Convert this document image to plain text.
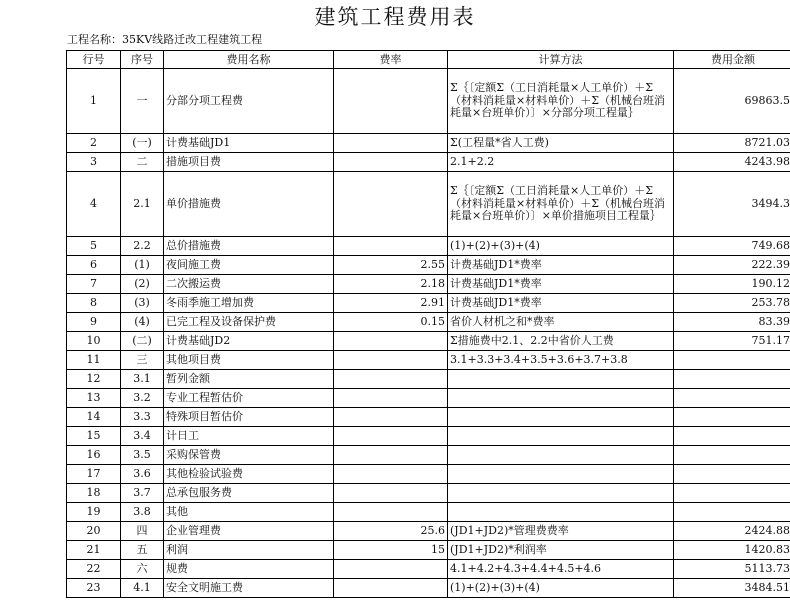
建筑工程费用表
工程名称：35KV线路迁改工程建筑工程
行号	序号	费用名称	费率	计算方法	费用金额
1	一	分部分项工程费		Σ｛〔定额Σ（工日消耗量×人工单价）＋Σ（材料消耗量×材料单价）＋Σ（机械台班消耗量×台班单价）〕×分部分项工程量｝	69863.5
2	(一)	计费基础JD1		Σ(工程量*省人工费)	8721.03
3	二	措施项目费		2.1+2.2	4243.98
4	2.1	单价措施费		Σ｛〔定额Σ（工日消耗量×人工单价）＋Σ（材料消耗量×材料单价）＋Σ（机械台班消耗量×台班单价）〕×单价措施项目工程量｝	3494.3
5	2.2	总价措施费		(1)+(2)+(3)+(4)	749.68
6	(1)	夜间施工费	2.55	计费基础JD1*费率	222.39
7	(2)	二次搬运费	2.18	计费基础JD1*费率	190.12
8	(3)	冬雨季施工增加费	2.91	计费基础JD1*费率	253.78
9	(4)	已完工程及设备保护费	0.15	省价人材机之和*费率	83.39
10	(二)	计费基础JD2		Σ措施费中2.1、2.2中省价人工费	751.17
11	三	其他项目费		3.1+3.3+3.4+3.5+3.6+3.7+3.8	
12	3.1	暂列金额			
13	3.2	专业工程暂估价			
14	3.3	特殊项目暂估价			
15	3.4	计日工			
16	3.5	采购保管费			
17	3.6	其他检验试验费			
18	3.7	总承包服务费			
19	3.8	其他			
20	四	企业管理费	25.6	(JD1+JD2)*管理费费率	2424.88
21	五	利润	15	(JD1+JD2)*利润率	1420.83
22	六	规费		4.1+4.2+4.3+4.4+4.5+4.6	5113.73
23	4.1	安全文明施工费		(1)+(2)+(3)+(4)	3484.51
